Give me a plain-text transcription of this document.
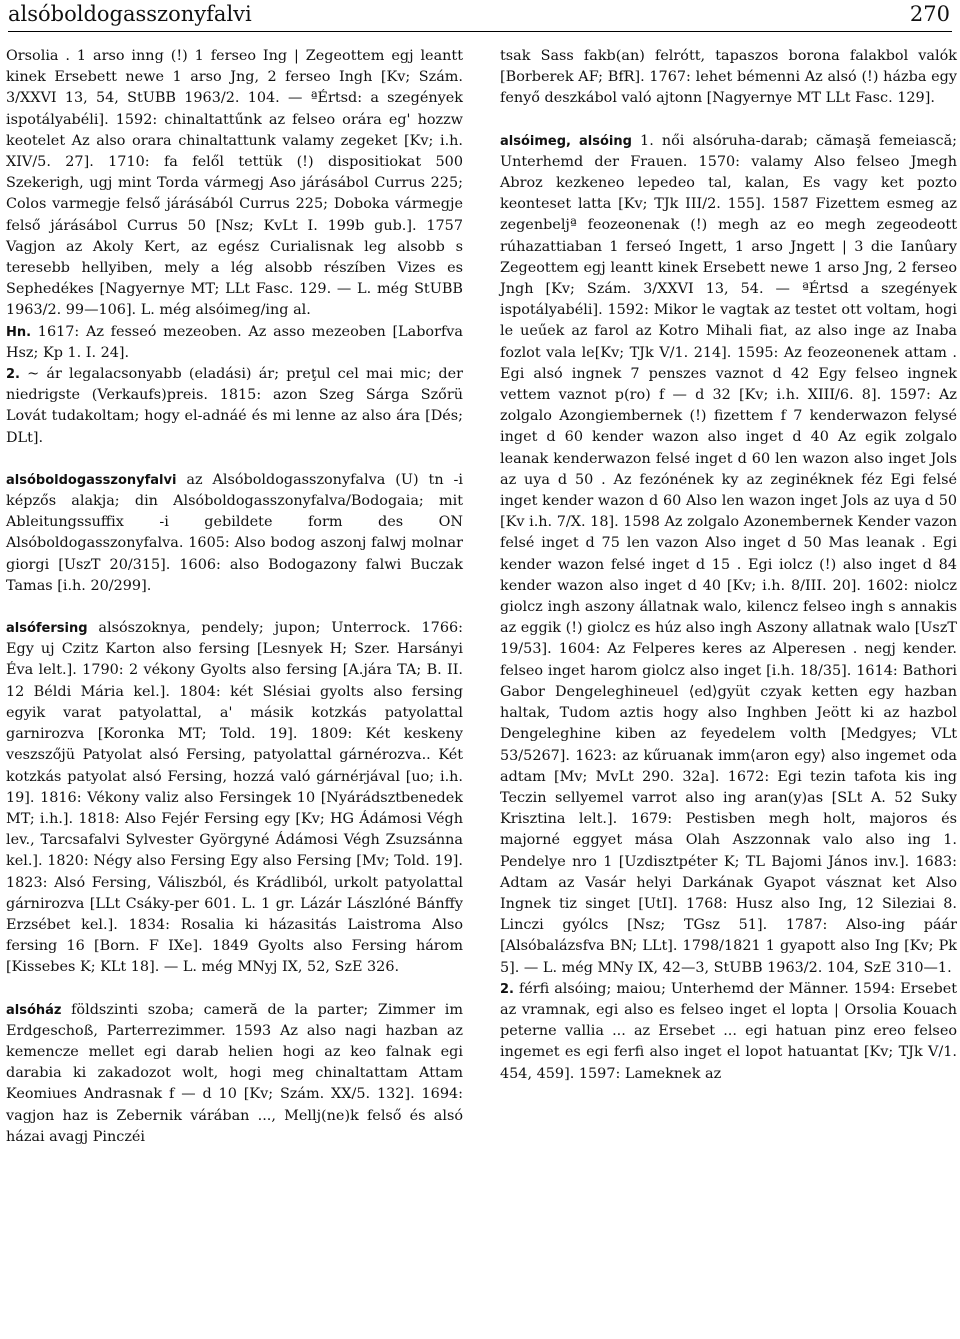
alsóboldogasszonyfalvi	270

Orsolia . 1 arso inng (!) 1 ferseo Ing | Zegeottem egj leantt kinek Ersebett newe 1 arso Jng, 2 ferseo Ingh [Kv; Szám. 3/XXVI 13, 54, StUBB 1963/2. 104. — ªÉrtsd: a szegények ispotályabéli]. 1592: chinaltattűnk az felseo orára eg' hozzw keotelet Az also orara chinaltattunk valamy zegeket [Kv; i.h. XIV/5. 27]. 1710: fa felől tettük (!) dispositiokat 500 Szekerigh, ugj mint Torda vármegj Aso járásábol Currus 225; Colos varmegje felső járásából Currus 225; Doboka vármegje felső járásábol Currus 50 [Nsz; KvLt I. 199b gub.]. 1757 Vagjon az Akoly Kert, az egész Curialisnak leg alsobb s teresebb hellyiben, mely a lég alsobb részíben Vizes es Sephedékes [Nagyernye MT; LLt Fasc. 129. — L. még StUBB 1963/2. 99—106]. L. még alsóimeg/ing al.

Hn. 1617: Az fesseó mezeoben. Az asso mezeoben [Laborfva Hsz; Kp 1. I. 24].

2. ~ ár legalacsonyabb (eladási) ár; preţul cel mai mic; der niedrigste (Verkaufs)preis. 1815: azon Szeg Sárga Szőrü Lovát tudakoltam; hogy el-adnáé és mi lenne az also ára [Dés; DLt].

alsóboldogasszonyfalvi az Alsóboldogasszonyfalva (U) tn -i képzős alakja; din Alsóboldogasszonyfalva/Bodogaia; mit Ableitungssuffix -i gebildete form des ON Alsóboldogasszonyfalva. 1605: Also bodog aszonj falwj molnar giorgi [UszT 20/315]. 1606: also Bodogazony falwi Buczak Tamas [i.h. 20/299].

alsófersing alsószoknya, pendely; jupon; Unterrock. 1766: Egy uj Czitz Karton also fersing [Lesnyek H; Szer. Harsányi Éva lelt.]. 1790: 2 vékony Gyolts also fersing [A.jára TA; B. II. 12 Béldi Mária kel.]. 1804: két Slésiai gyolts also fersing egyik varat patyolattal, a' másik kotzkás patyolattal garnirozva [Koronka MT; Told. 19]. 1809: Két keskeny veszszőjü Patyolat alsó Fersing, patyolattal gárnérozva.. Két kotzkás patyolat alsó Fersing, hozzá való gárnérjával [uo; i.h. 19]. 1816: Vékony valiz also Fersingek 10 [Nyárádsztbenedek MT; i.h.]. 1818: Also Fejér Fersing egy [Kv; HG Ádámosi Végh lev., Tarcsafalvi Sylvester Györgyné Ádámosi Végh Zsuzsánna kel.]. 1820: Négy also Fersing Egy also Fersing [Mv; Told. 19]. 1823: Alsó Fersing, Váliszból, és Krádliból, urkolt patyolattal gárnirozva [LLt Csáky-per 601. L. 1 gr. Lázár Lászlóné Bánffy Erzsébet kel.]. 1834: Rosalia ki házasitás Laistroma Also fersing 16 [Born. F IXe]. 1849 Gyolts also Fersing három [Kissebes K; KLt 18]. — L. még MNyj IX, 52, SzE 326.

alsóház földszinti szoba; cameră de la parter; Zimmer im Erdgeschoß, Parterrezimmer. 1593 Az also nagi hazban az kemencze mellet egi darab helien hogi az keo falnak egi darabia ki zakadozot wolt, hogi meg chinaltattam Attam Keomiues Andrasnak f — d 10 [Kv; Szám. XX/5. 132]. 1694: vagjon haz is Zebernik várában ..., Mellj(ne)k felső és alsó házai avagj Pinczéi

tsak Sass fakb(an) felrótt, tapaszos borona falakbol valók [Borberek AF; BfR]. 1767: lehet bémenni Az alsó (!) házba egy fenyő deszkábol való ajtonn [Nagyernye MT LLt Fasc. 129].

alsóimeg, alsóing 1. női alsóruha-darab; cămaşă femeiască; Unterhemd der Frauen. 1570: valamy Also felseo Jmegh Abroz kezkeneo lepedeo tal, kalan, Es vagy ket pozto keonteset latta [Kv; TJk III/2. 155]. 1587 Fizettem esmeg az zegenbeljª feozeonenak (!) megh az eo megh zegeodeott rúhazattiaban 1 ferseó Ingett, 1 arso Jngett | 3 die Ianûary Zegeottem egj leantt kinek Ersebett newe 1 arso Jng, 2 ferseo Jngh [Kv; Szám. 3/XXVI 13, 54. — ªÉrtsd a szegények ispotályabéli]. 1592: Mikor le vagtak az testet ott voltam, hogi le ueűek az farol az Kotro Mihali fiat, az also inge az Inaba fozlot vala le[Kv; TJk V/1. 214]. 1595: Az feozeonenek attam . Egi alsó ingnek 7 penszes vaznot d 42 Egy felseo ingnek vettem vaznot p(ro) f — d 32 [Kv; i.h. XIII/6. 8]. 1597: Az zolgalo Azongiembernek (!) fizettem f 7 kenderwazon felysé inget d 60 kender wazon also inget d 40 Az egik zolgalo leanak kenderwazon felsé inget d 60 len wazon also inget Jols az uya d 50 . Az fezónének ky az zeginéknek féz Egi felsé inget kender wazon d 60 Also len wazon inget Jols az uya d 50 [Kv i.h. 7/X. 18]. 1598 Az zolgalo Azonembernek Kender vazon felsé inget d 75 len vazon Also inget d 50 Mas leanak . Egi kender wazon felsé inget d 15 . Egi iolcz (!) also inget d 84 kender wazon also inget d 40 [Kv; i.h. 8/III. 20]. 1602: niolcz giolcz ingh aszony állatnak walo, kilencz felseo ingh s annakis az eggik (!) giolcz es húz also ingh Aszony allatnak walo [UszT 19/53]. 1604: Az Felperes keres az Alperesen . negj kender. felseo inget harom giolcz also inget [i.h. 18/35]. 1614: Bathori Gabor Dengeleghineuel ⟨ed⟩gyüt czyak ketten egy hazban haltak, Tudom aztis hogy also Inghben Jeött ki az hazbol Dengeleghine kiben az feyedelem volth [Medgyes; VLt 53/5267]. 1623: az kűruanak imm⟨aron egy⟩ also ingemet oda adtam [Mv; MvLt 290. 32a]. 1672: Egi tezin tafota kis ing Teczin sellyemel varrot also ing aran(y)as [SLt A. 52 Suky Krisztina lelt.]. 1679: Pestisben megh holt, majoros és majorné eggyet mása Olah Aszzonnak valo also ing 1. Pendelye nro 1 [Uzdisztpéter K; TL Bajomi János inv.]. 1683: Adtam az Vasár helyi Darkának Gyapot vásznat ket Also Ingnek tiz singet [UtI]. 1768: Husz also Ing, 12 Sileziai 8. Linczi gyólcs [Nsz; TGsz 51]. 1787: Also-ing páár [Alsóbalázsfva BN; LLt]. 1798/1821 1 gyapott also Ing [Kv; Pk 5]. — L. még MNy IX, 42—3, StUBB 1963/2. 104, SzE 310—1.

2. férfi alsóing; maiou; Unterhemd der Männer. 1594: Ersebet az vramnak, egi also es felseo inget el lopta | Orsolia Kouach peterne vallia ... az Ersebet ... egi hatuan pinz ereo felseo ingemet es egi ferfi also inget el lopot hatuantat [Kv; TJk V/1. 454, 459]. 1597: Lameknek az
